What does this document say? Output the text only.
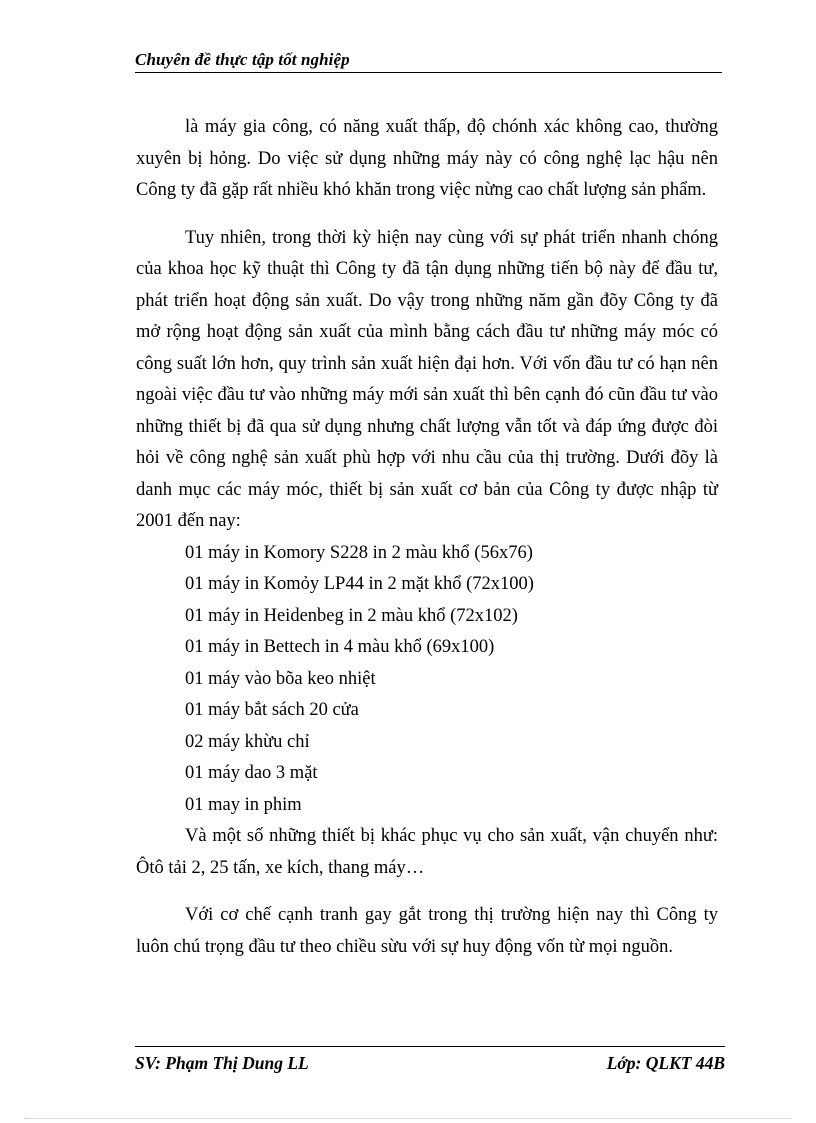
Chuyên đề thực tập tốt nghiệp

là máy gia công, có năng xuất thấp, độ chónh xác không cao, thường xuyên bị hỏng. Do việc sử dụng những máy này có công nghệ lạc hậu nên Công ty đã gặp rất nhiều khó khăn trong việc nừng cao chất lượng sản phẩm.

Tuy nhiên, trong thời kỳ hiện nay cùng với sự phát triển nhanh chóng của khoa học kỹ thuật thì Công ty đã tận dụng những tiến bộ này để đầu tư, phát triển hoạt động sản xuất. Do vậy trong những năm gần đõy Công ty đã mở rộng hoạt động sản xuất của mình bằng cách đầu tư những máy móc có công suất lớn hơn, quy trình sản xuất hiện đại hơn. Với vốn đầu tư có hạn nên ngoài việc đầu tư vào những máy mới sản xuất thì bên cạnh đó cũn đầu tư vào những thiết bị đã qua sử dụng nhưng chất lượng vẫn tốt và đáp ứng được đòi hỏi về công nghệ sản xuất phù hợp với nhu cầu của thị trường. Dưới đõy là danh mục các máy móc, thiết bị sản xuất cơ bản của Công ty được nhập từ 2001 đến nay:

01 máy in Komory S228 in 2 màu khổ (56x76)

01 máy in Komỏy LP44 in 2 mặt khổ (72x100)

01 máy in Heidenbeg in 2 màu khổ (72x102)

01 máy in Bettech in 4 màu khổ (69x100)

01 máy vào bõa keo nhiệt

01 máy bắt sách 20 cửa

02 máy khừu chỉ

01 máy dao 3 mặt

01 may in phim

Và một số những thiết bị khác phục vụ cho sản xuất, vận chuyển như: Ôtô tải 2, 25 tấn, xe kích, thang máy…

Với cơ chế cạnh tranh gay gắt trong thị trường hiện nay thì Công ty luôn chú trọng đầu tư theo chiều sừu với sự huy động vốn từ mọi nguồn.

SV: Phạm Thị Dung LL	Lớp: QLKT 44B
